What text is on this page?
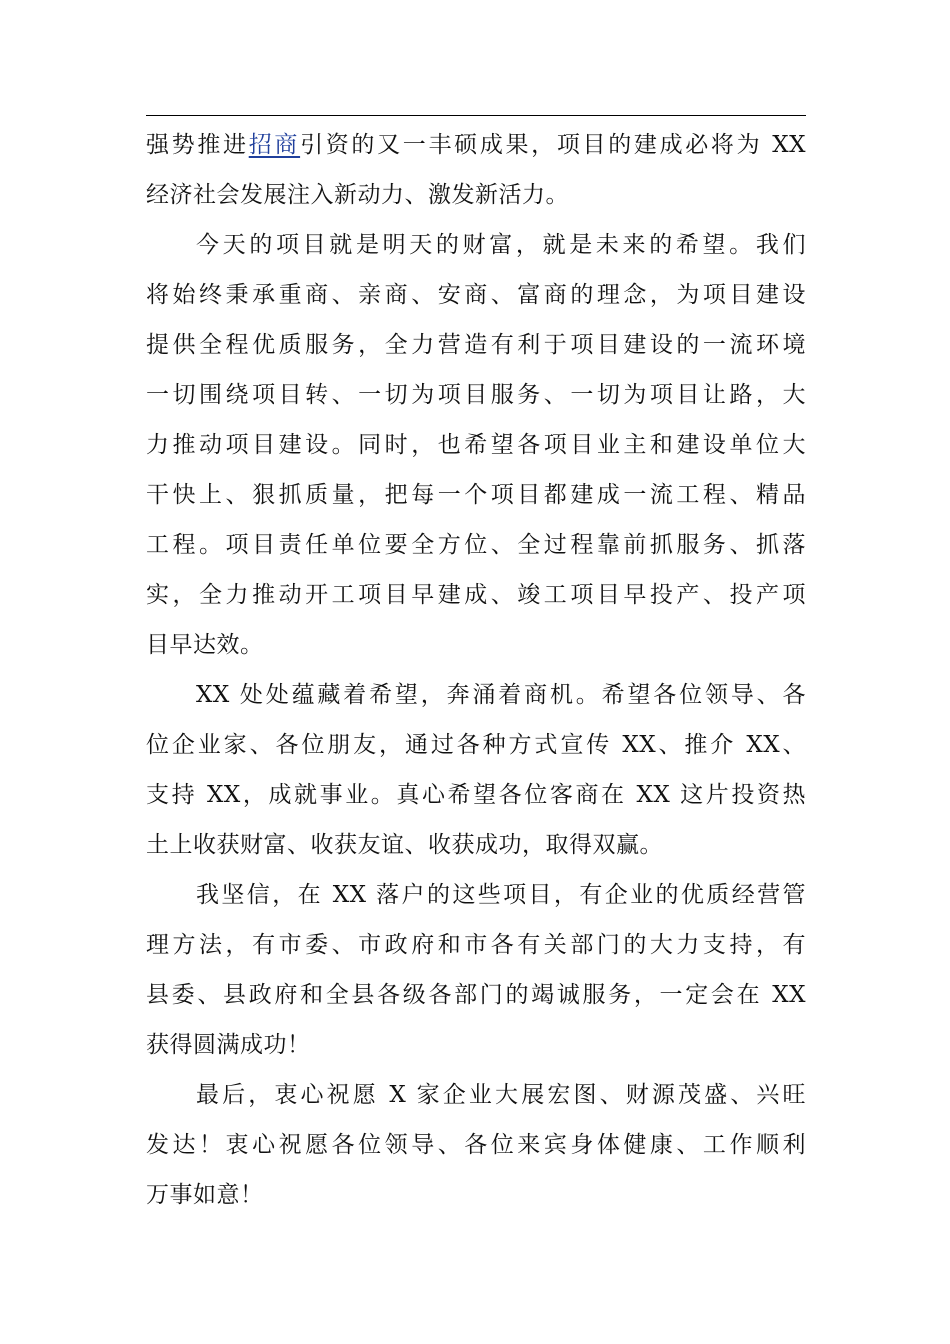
强势推进招商引资的又一丰硕成果，项目的建成必将为 XX
经济社会发展注入新动力、激发新活力。
今天的项目就是明天的财富，就是未来的希望。我们
将始终秉承重商、亲商、安商、富商的理念，为项目建设
提供全程优质服务，全力营造有利于项目建设的一流环境
一切围绕项目转、一切为项目服务、一切为项目让路，大
力推动项目建设。同时，也希望各项目业主和建设单位大
干快上、狠抓质量，把每一个项目都建成一流工程、精品
工程。项目责任单位要全方位、全过程靠前抓服务、抓落
实，全力推动开工项目早建成、竣工项目早投产、投产项
目早达效。
XX 处处蕴藏着希望，奔涌着商机。希望各位领导、各
位企业家、各位朋友，通过各种方式宣传 XX、推介 XX、
支持 XX，成就事业。真心希望各位客商在 XX 这片投资热
土上收获财富、收获友谊、收获成功，取得双赢。
我坚信，在 XX 落户的这些项目，有企业的优质经营管
理方法，有市委、市政府和市各有关部门的大力支持，有
县委、县政府和全县各级各部门的竭诚服务，一定会在 XX
获得圆满成功！
最后，衷心祝愿 X 家企业大展宏图、财源茂盛、兴旺
发达！衷心祝愿各位领导、各位来宾身体健康、工作顺利
万事如意！
